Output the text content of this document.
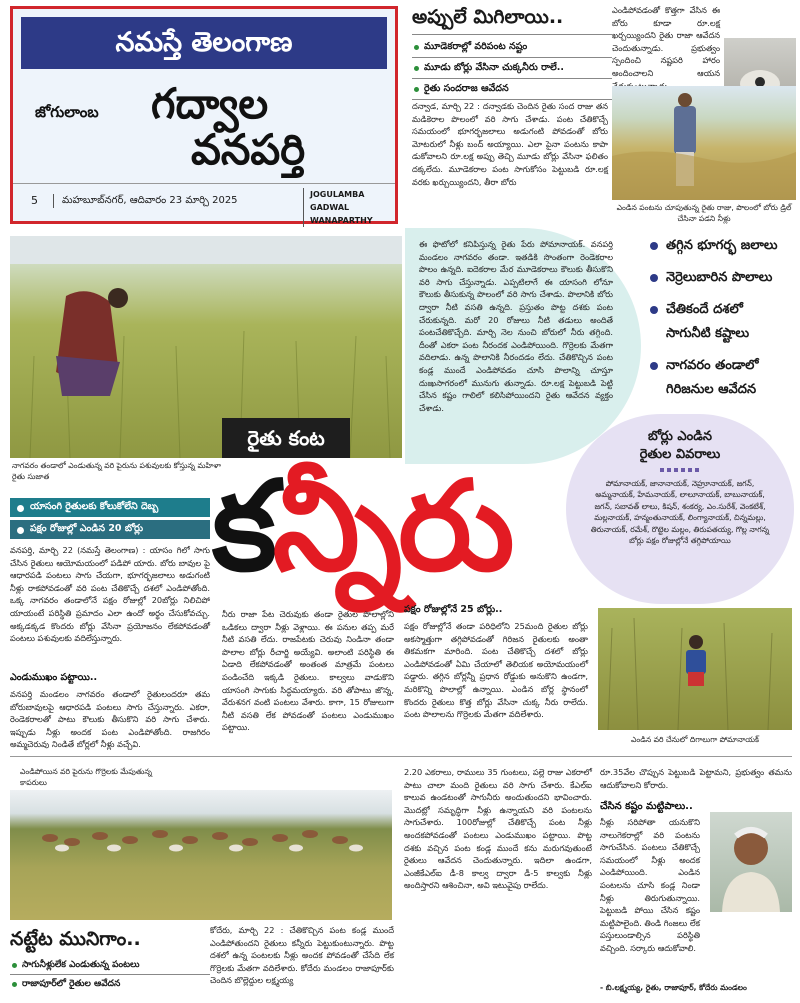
నమస్తే తెలంగాణ
జోగులాంబ గద్వాల
వనపర్తి
5	మహబూబ్‌నగర్, ఆదివారం 23 మార్చి 2025
JOGULAMBA GADWAL
WANAPARTHY
అప్పులే మిగిలాయి..
మూడెకరాల్లో వరిపంట నష్టం
మూడు బోర్లు వేసినా చుక్కనీరు రాలే..
రైతు సందరాజ ఆవేదన
దన్వాడ, మార్చి 22 : దన్వాడకు చెందిన రైతు సంద రాజు తన మడికెరాల పొలంలో వరి సాగు చేశాడు. పంట చేతికొచ్చే సమయంలో భూగర్భజలాలు అడుగంటి పోవడంతో బోరు మోటరులో నీళ్లు బంద్ అయ్యాయి. ఎలా పైనా పంటను కాపా డుకోవాలని రూ.లక్ష అప్పు తెచ్చి మూడు బోర్లు వేసినా ఫలితం దక్కలేదు. మూడెకరాల పంట సాగుకోసం పెట్టుబడి రూ.లక్ష వరకు ఖర్చుయ్యిందని, తీరా బోరు
ఎండిపోవడంతో కొత్తగా వేసిన ఈ బోరు కూడా రూ.లక్ష ఖర్చయ్యిందని రైతు రాజా ఆవేదన చెందుతున్నాడు. ప్రభుత్వం స్పందించి నష్టపరి హారం అందించాలని ఆయన
ఎండిన పంటను చూపుతున్న రైతు రాజు, పొలంలో బోరు డ్రిల్ చేసినా పడని నీళ్లు
నాగవరం తండాలో ఎండుతున్న వరి పైరును పశువులకు కోస్తున్న మహిళా రైతు సుజాత
ఈ ఫొటోలో కనిపిస్తున్న రైతు పేరు పోమానాయక్. వనపర్తి మండలం నాగవరం తండా. ఇతడికి సొంతంగా రెండెకరాల పొలం ఉన్నది. ఐదెకరాల మేర మూడెకరాలు కౌలుకు తీసుకొని వరి సాగు చేస్తున్నాడు. ఎప్పటిలాగే ఈ యాసంగి లోనూ కౌలుకు తీసుకున్న పొలంలో వరి సాగు చేశాడు. పొలానికి బోరు ద్వారా నీటి వసతి ఉన్నది. ప్రస్తుతం పొట్ట దశకు పంట చేరుకున్నది. మరో 20 రోజులు నీటి తడులు అందితే పంటచేతికొచ్చేది. మార్చి నెల నుంచి బోరులో నీరు తగ్గింది. దీంతో ఎకరా పంట నీరందక ఎండిపోయింది. గొర్రెలకు మేతగా వదిలాడు. ఉన్న పొలానికి నీరందడం లేదు. చేతికొచ్చిన పంట కండ్ల ముందే ఎండిపోవడం చూసి పొలాన్ని చూస్తూ దుఃఖసాగరంలో మునుగు తున్నాడు. రూ.లక్ష పెట్టుబడి పెట్టి చేసిన కష్టం గాలిలో కలిసిపోయిందని రైతు ఆవేదన వ్యక్తం చేశాడు.
తగ్గిన భూగర్భ జలాలు
నెర్రెలుబారిన పొలాలు
చేతికందే దశలో
సాగునీటి కష్టాలు
నాగవరం తండాలో
గిరిజనుల ఆవేదన
బోర్లు ఎండిన
రైతుల వివరాలు
పోమానాయక్, జానానాయక్, నెహ్రూనాయక్, జగన్, అమ్మనాయక్, హేమనాయక్, లాలూనాయక్, బాబునాయక్, జగన్, సబావత్ లాలు, కిషన్, శంకర్య, ఎం.సురేశ్, వెంకటేశ్, మల్లనాయక్, హన్మంతునాయక్, లింగ్యానాయక్, చిన్నమల్లు, తిరునాయక్, రమేశ్, రొట్టెల మల్లం, తిరుపతయ్య, గొల్ల నాగన్న బోర్లు పక్షం రోజుల్లోనే తగ్గిపోయాయి
రైతు కంట
కన్నీరు
యాసంగి రైతులకు కోలుకోలేని దెబ్బ
పక్షం రోజుల్లో ఎండిన 20 బోర్లు
వనపర్తి, మార్చి 22 (నమస్తే తెలంగాణ) : యాసం గిలో సాగు చేసిన రైతులు ఆయోమయంలో పడిపో యారు. బోరు బావుల పై ఆధారపడి పంటలు సాగు చేయగా, భూగర్భజలాలు అడుగంటి నీళ్లు రాకపోవడంతో వరి పంట చేతికొచ్చే దశలో ఎండిపోతోంది. ఒక్క నాగవరం తండాలోనే పక్షం రోజుల్లో 20బోర్లు నిలిచిపో యాయంటే పరిస్థితి ప్రమాదం ఎలా ఉందో అర్థం చేసుకోవచ్చు. అక్కడక్కడ కొందరు బోర్లు వేసినా ప్రయోజనం లేకపోవడంతో పంటలు పశువులకు వదిలేస్తున్నారు.
ఎండుముఖం పట్టాయి..
వనపర్తి మండలం నాగవరం తండాలో రైతులందరూ తమ బోరుబావులపై ఆధారపడి పంటలు సాగు చేస్తున్నారు. ఎకరా, రెండెకరాలతో పాటు కౌలుకు తీసుకొని వరి సాగు చేశారు. ఇప్పుడు నీళ్లు అందక పంట ఎండిపోతోంది. రాజగిరం అమ్మచెరువు నిండితే బోర్లలో నీళ్లు వచ్చేవి.
నీరు రాజా పేట చెరువుకు తండా రైతుల పొలాల్లోని ఒడికలు ద్వారా నీళ్లు వెళ్లాయి. ఈ పనుల తప్ప మరే నీటి వసతి లేదు. రాజపేటకు చెరువు నిండినా తండా పొలాల బోర్లు రీచార్జి అయ్యేవి. అలాంటి పరిస్థితి ఈ ఏడాది లేకపోవడంతో అంతంత మాత్రమే పంటలు పండించేది ఇక్కడి రైతులు. కాల్వలు వాడుకొని యాసంగి సాగుకు సిద్ధమయ్యారు. వరి తోపాటు జొన్న, వేరుశనగ వంటి పంటలు వేశారు. కాగా, 15 రోజులుగా నీటి వసతి లేక పోవడంతో పంటలు ఎండుముఖం పట్టాయి.
పక్షం రోజుల్లోనే 25 బోర్లు..
పక్షం రోజుల్లోనే తండా పరిధిలోని 25మంది రైతుల బోర్లు అకస్మాత్తుగా తగ్గిపోవడంతో గిరిజన రైతులకు అంతా తికమకగా మారింది. పంట చేతికొచ్చే దశలో బోర్లు ఎండిపోవడంతో ఏమి చేయాలో తెలియక అయోమయంలో పడ్డారు. తగ్గిన బోర్లన్నీ ప్రధాన రోడ్డుకు అనుకొని ఉండగా, మరికొన్ని పొలాల్లో ఉన్నాయి. ఎండిన బోర్ల స్థానంలో కొందరు రైతులు కొత్త బోర్లు వేసినా చుక్క నీరు రాలేదు. పంట పొలాలను గొర్రెలకు మేతగా వదిలేశారు.
ఎండిన వరి చేనులో దిగాలుగా పోమానాయక్
ఎండిపోయిన వరి పైరును గొర్రెలకు మేపుతున్న కాపరులు
నట్టేట మునిగాం..
సాగునీళ్లులేక ఎండుతున్న పంటలు
రాజాపూర్‌లో రైతుల ఆవేదన
కోదేరు, మార్చి 22 : చేతికొచ్చిన పంట కండ్ల ముందే ఎండిపోతుందని రైతులు కన్నీరు పెట్టుకుంటున్నారు. పొట్ట దశలో ఉన్న పంటలకు నీళ్లు అందక పోవడంతో చేసేది లేక గొర్రెలకు మేతగా వదిలేశారు. కోదేరు మండలం రాజాపూర్‌కు చెందిన బొల్లెద్దుల లక్ష్మయ్య
2.20 ఎకరాలు, రాములు 35 గుంటలు, పల్లె రాజు ఎకరాలో పాటు చాలా మంది రైతులు వరి సాగు చేశారు. కేఎల్‌ఐ కాలువ ఉండటంతో సాగునీరు అందుతుందని భావించారు. మొదట్లో సమృద్ధిగా నీళ్లు ఉన్నాయని వరి పంటలను సాగుచేశారు. 100రోజుల్లో చేతికొచ్చే పంట నీళ్లు అందకపోవడంతో పంటలు ఎండుముఖం పట్టాయి. పొట్ట దశకు వచ్చిన పంట కండ్ల ముందే కను మరుగవుతుంటే రైతులు ఆవేదన చెందుతున్నారు. ఇదిలా ఉండగా, ఎంజీకేఎల్ఐ డీ-8 కాల్వ ద్వారా డీ-5 కాల్వకు నీళ్లు అందిస్తారని ఆశించినా, అవి ఇటువైపు రాలేదు.
రూ.35వేల చొప్పున పెట్టుబడి పెట్టామని, ప్రభుత్వం తమను ఆదుకోవాలని కోరారు.
చేసిన కష్టం మట్టిపాలు..
నీళ్లు సరిపోతా యనుకొని నాలుగెకరాల్లో వరి పంటను సాగుచేసిన. పంటలు చేతికొచ్చే సమయంలో నీళ్లు అందక ఎండిపోయింది. ఎండిన పంటలను చూసి కండ్ల నిండా నీళ్లు తిరుగుతున్నాయి. పెట్టుబడి పోయి చేసిన కష్టం మట్టిపాలైంది. తిండి గింజలు లేక పస్తులుండాల్సిన పరిస్థితి వచ్చింది. సర్కారు ఆదుకోవాలి.
- బి.లక్ష్మయ్య, రైతు, రాజాపూర్, కోదేరు మండలం
